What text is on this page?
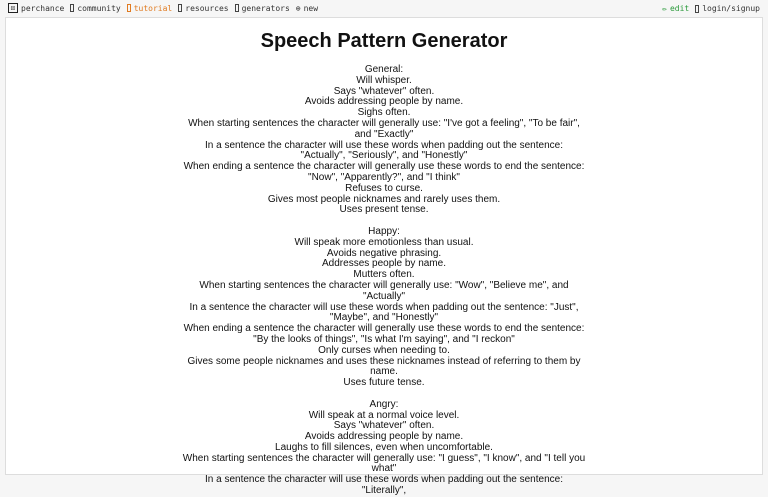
⚄ perchance community tutorial resources generators ⊕ new	✏ edit login/signup
Speech Pattern Generator
General:
Will whisper.
Says "whatever" often.
Avoids addressing people by name.
Sighs often.
When starting sentences the character will generally use: "I've got a feeling", "To be fair", and "Exactly"
In a sentence the character will use these words when padding out the sentence: "Actually", "Seriously", and "Honestly"
When ending a sentence the character will generally use these words to end the sentence: "Now", "Apparently?", and "I think"
Refuses to curse.
Gives most people nicknames and rarely uses them.
Uses present tense.
Happy:
Will speak more emotionless than usual.
Avoids negative phrasing.
Addresses people by name.
Mutters often.
When starting sentences the character will generally use: "Wow", "Believe me", and "Actually"
In a sentence the character will use these words when padding out the sentence: "Just", "Maybe", and "Honestly"
When ending a sentence the character will generally use these words to end the sentence: "By the looks of things", "Is what I'm saying", and "I reckon"
Only curses when needing to.
Gives some people nicknames and uses these nicknames instead of referring to them by name.
Uses future tense.
Angry:
Will speak at a normal voice level.
Says "whatever" often.
Avoids addressing people by name.
Laughs to fill silences, even when uncomfortable.
When starting sentences the character will generally use: "I guess", "I know", and "I tell you what"
In a sentence the character will use these words when padding out the sentence: "Literally",
